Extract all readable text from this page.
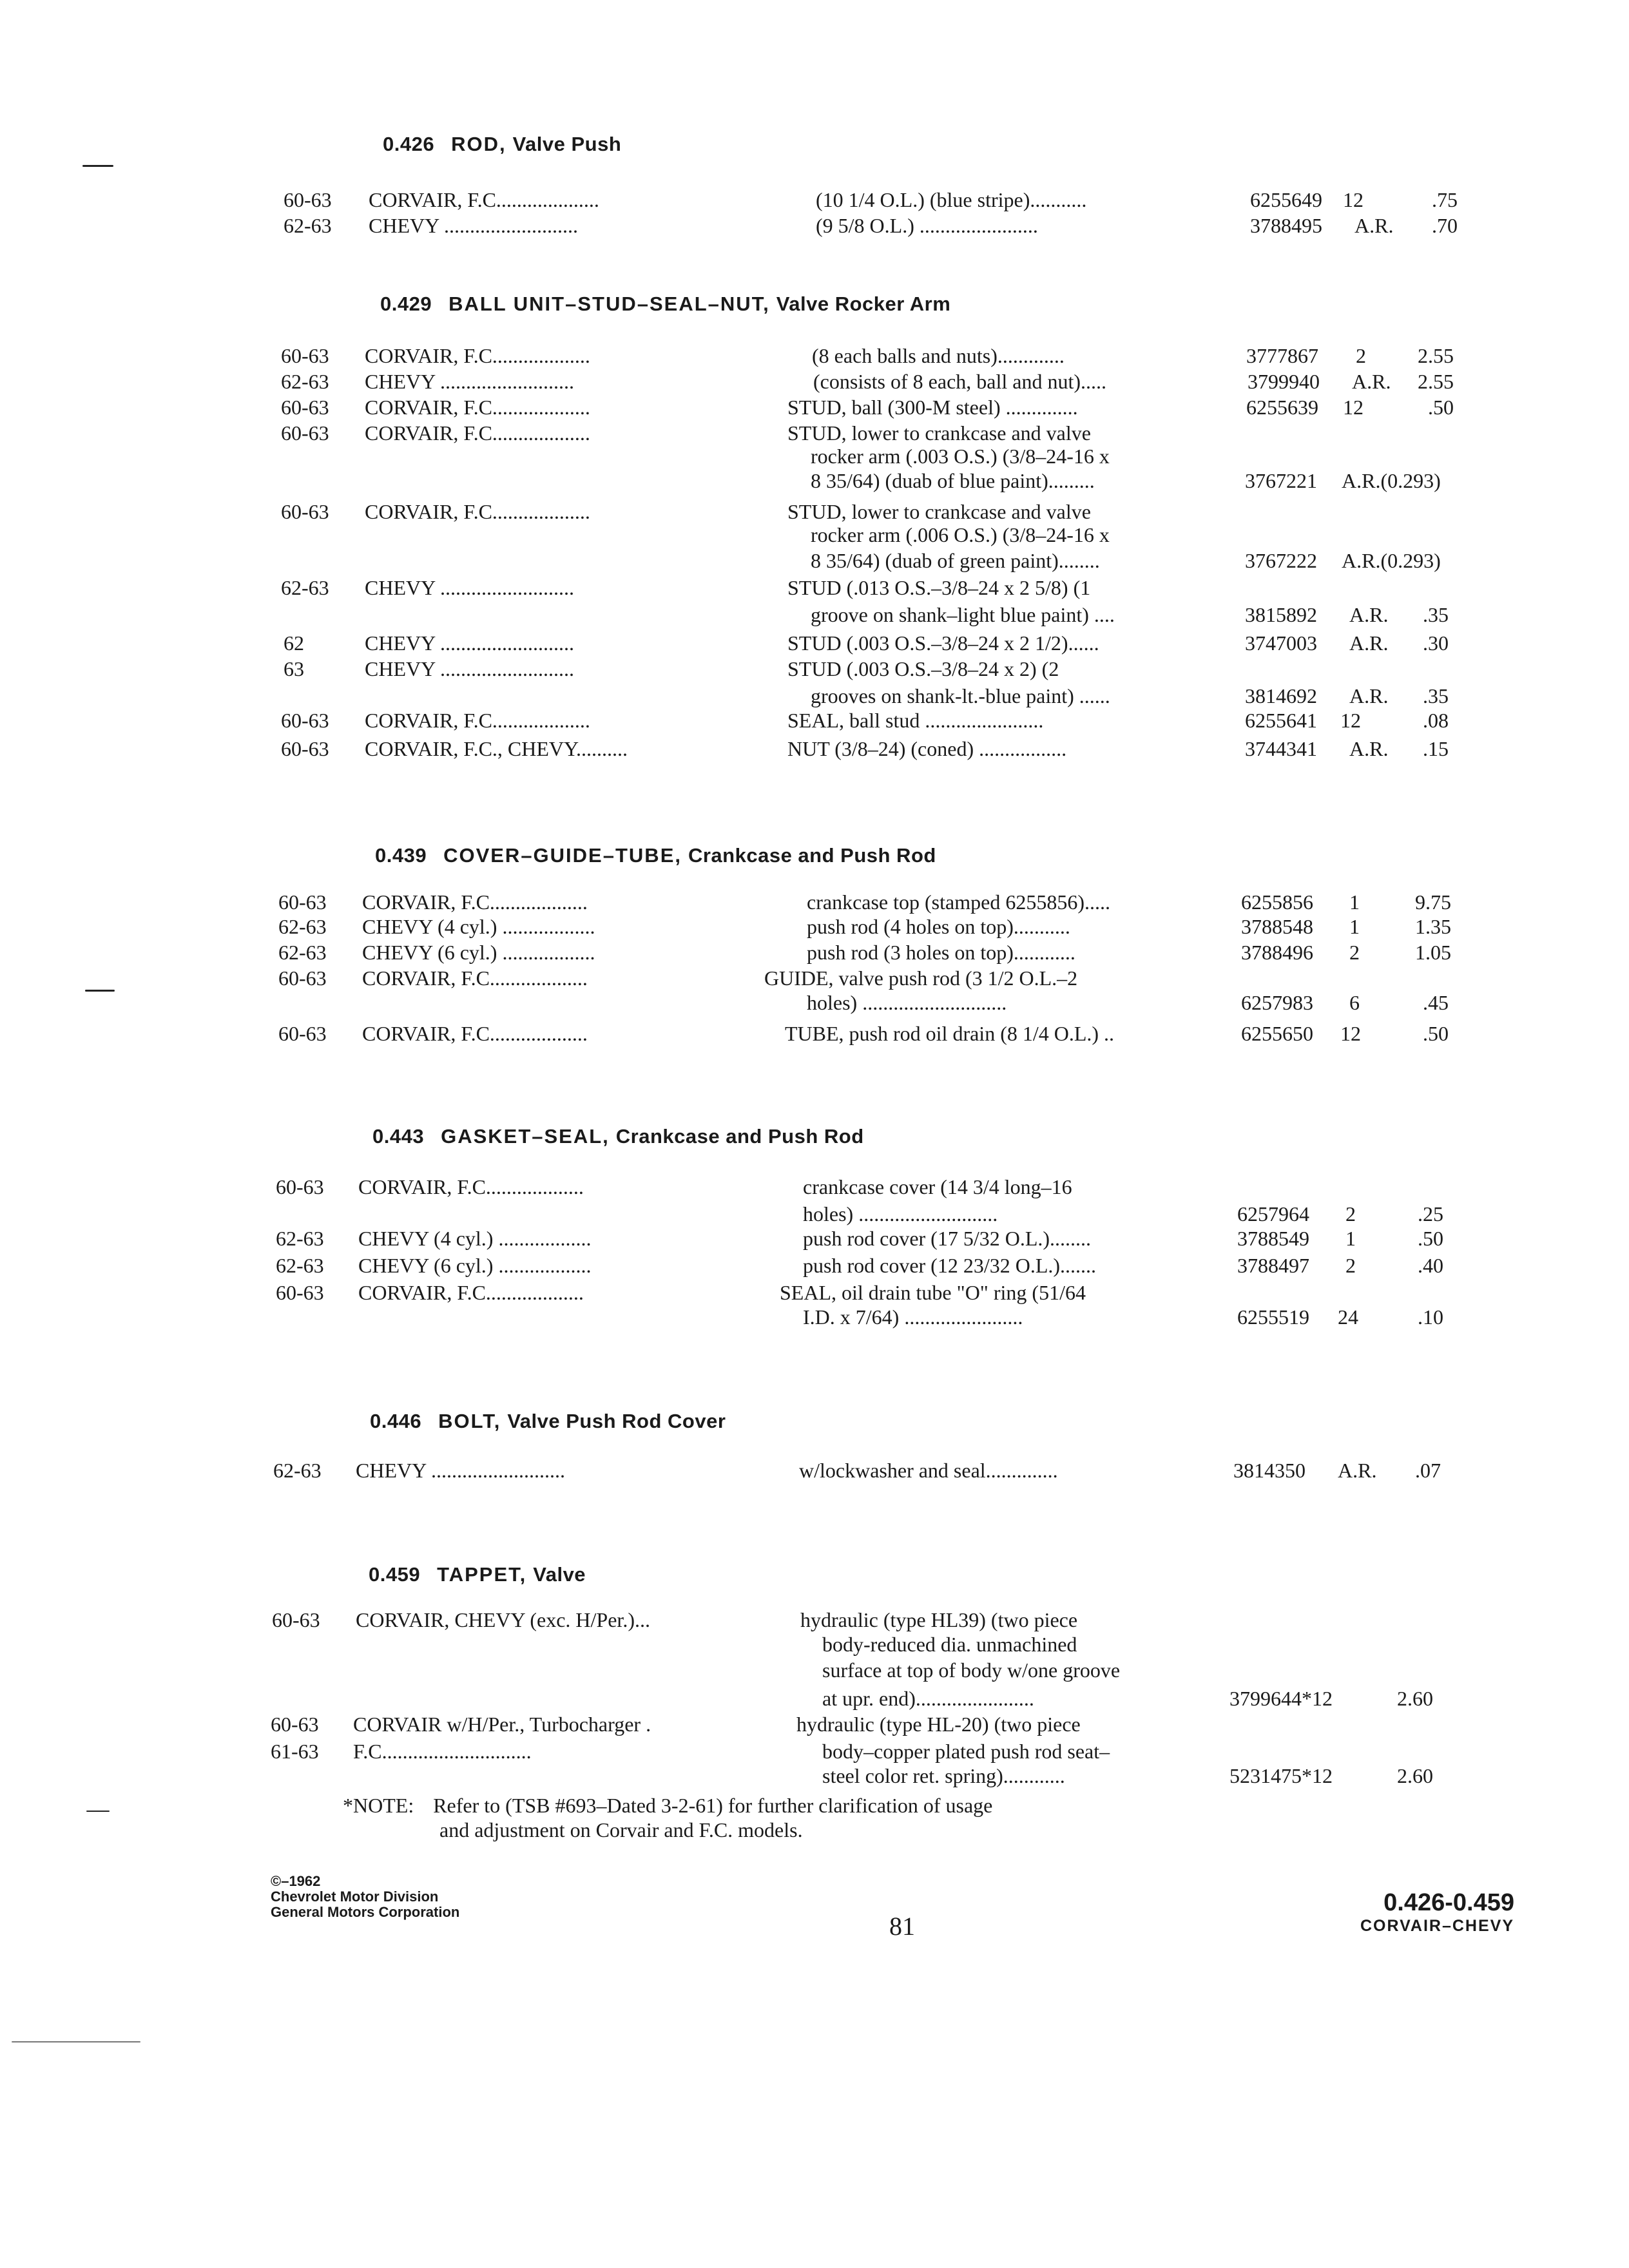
0.426 ROD, Valve Push
0.429 BALL UNIT–STUD–SEAL–NUT, Valve Rocker Arm
0.439 COVER–GUIDE–TUBE, Crankcase and Push Rod
0.443 GASKET–SEAL, Crankcase and Push Rod
0.446 BOLT, Valve Push Rod Cover
0.459 TAPPET, Valve
60-63 CORVAIR, F.C....................	(10 1/4 O.L.) (blue stripe)...........	6255649 12	.75
62-63 CHEVY ..........................	(9 5/8 O.L.) .......................	3788495 A.R. .70
60-63 CORVAIR, F.C...................	(8 each balls and nuts).............	3777867 2	2.55
62-63 CHEVY ..........................	(consists of 8 each, ball and nut).....	3799940 A.R. 2.55
60-63 CORVAIR, F.C...................	STUD, ball (300-M steel) ..............	6255639 12	.50
60-63 CORVAIR, F.C...................	STUD, lower to crankcase and valve
rocker arm (.003 O.S.) (3/8–24-16 x
8 35/64) (duab of blue paint).........	3767221 A.R.(0.293)
60-63 CORVAIR, F.C...................	STUD, lower to crankcase and valve
rocker arm (.006 O.S.) (3/8–24-16 x
8 35/64) (duab of green paint)........	3767222 A.R.(0.293)
62-63 CHEVY ..........................	STUD (.013 O.S.–3/8–24 x 2 5/8) (1
groove on shank–light blue paint) ....	3815892 A.R. .35
62	CHEVY ..........................	STUD (.003 O.S.–3/8–24 x 2 1/2)......	3747003 A.R. .30
63	CHEVY ..........................	STUD (.003 O.S.–3/8–24 x 2) (2
grooves on shank-lt.-blue paint) ......	3814692 A.R. .35
60-63 CORVAIR, F.C...................	SEAL, ball stud .......................	6255641 12	.08
60-63 CORVAIR, F.C., CHEVY..........	NUT (3/8–24) (coned) .................	3744341 A.R. .15
60-63 CORVAIR, F.C...................	crankcase top (stamped 6255856).....	6255856 1	9.75
62-63 CHEVY (4 cyl.) ..................	push rod (4 holes on top)...........	3788548 1	1.35
62-63 CHEVY (6 cyl.) ..................	push rod (3 holes on top)............	3788496 2	1.05
60-63 CORVAIR, F.C...................	GUIDE, valve push rod (3 1/2 O.L.–2
holes) ............................	6257983 6	.45
60-63 CORVAIR, F.C...................	TUBE, push rod oil drain (8 1/4 O.L.) ..	6255650 12	.50
60-63 CORVAIR, F.C...................	crankcase cover (14 3/4 long–16
holes) ...........................	6257964 2	.25
62-63 CHEVY (4 cyl.) ..................	push rod cover (17 5/32 O.L.)........	3788549 1	.50
62-63 CHEVY (6 cyl.) ..................	push rod cover (12 23/32 O.L.).......	3788497 2	.40
60-63 CORVAIR, F.C...................	SEAL, oil drain tube "O" ring (51/64
I.D. x 7/64) .......................	6255519 24	.10
62-63 CHEVY ..........................	w/lockwasher and seal..............	3814350 A.R. .07
60-63 CORVAIR, CHEVY (exc. H/Per.)...	hydraulic (type HL39) (two piece
body-reduced dia. unmachined
surface at top of body w/one groove
at upr. end).......................	3799644*12	2.60
60-63 CORVAIR w/H/Per., Turbocharger .	hydraulic (type HL-20) (two piece
61-63 F.C.............................	body–copper plated push rod seat–
steel color ret. spring)............	5231475*12	2.60
*NOTE: Refer to (TSB #693–Dated 3-2-61) for further clarification of usage
and adjustment on Corvair and F.C. models.
©–1962
Chevrolet Motor Division
General Motors Corporation	81
0.426-0.459
CORVAIR–CHEVY
